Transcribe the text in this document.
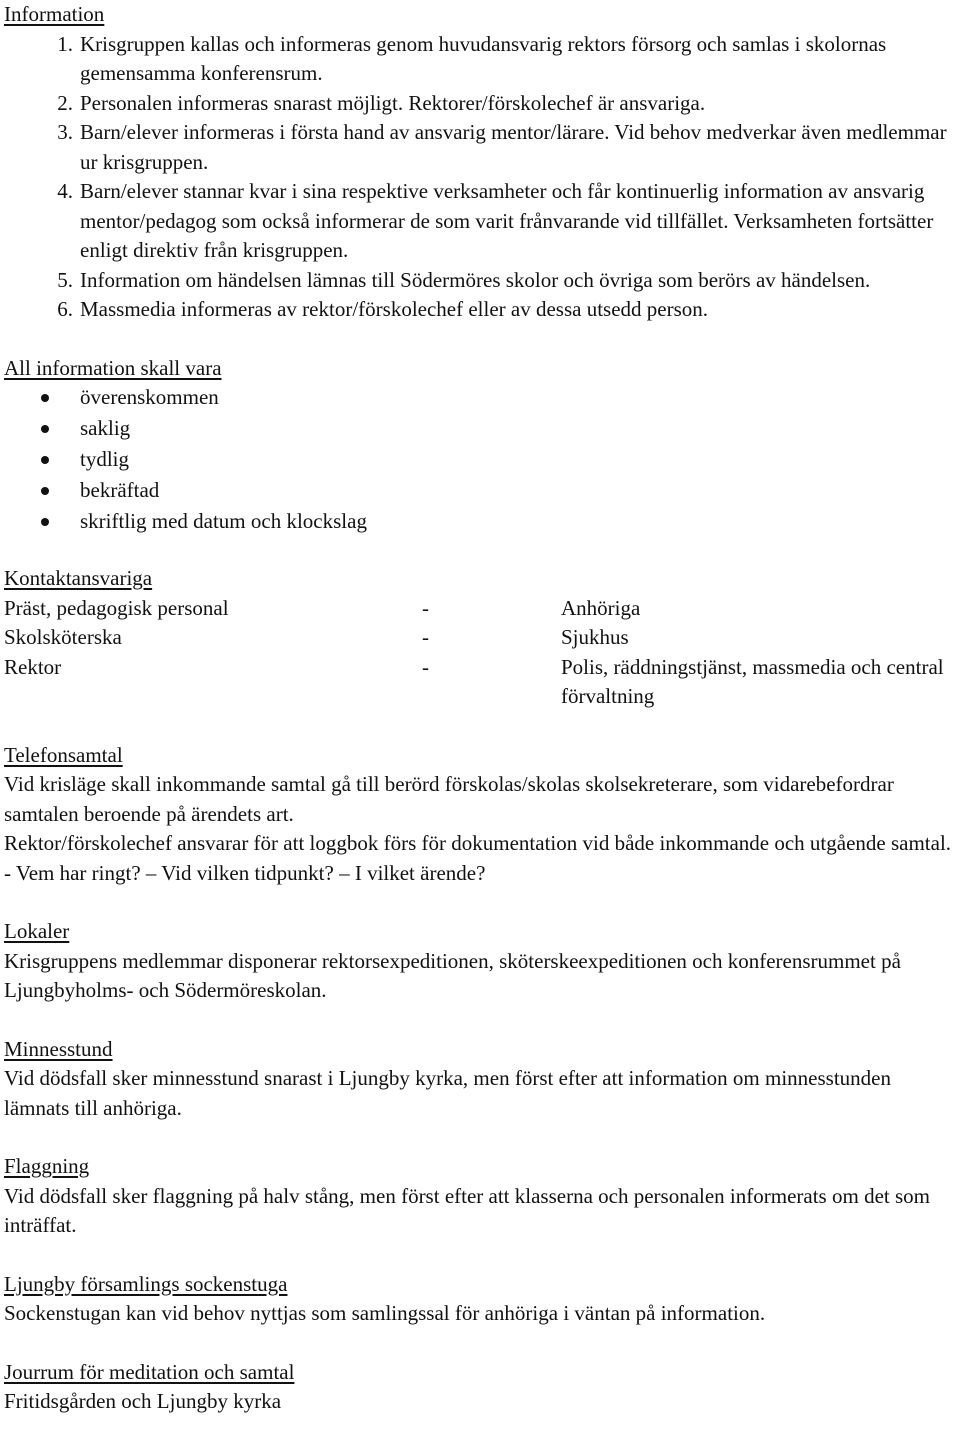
Information
1. Krisgruppen kallas och informeras genom huvudansvarig rektors försorg och samlas i skolornas gemensamma konferensrum.
2. Personalen informeras snarast möjligt. Rektorer/förskolechef är ansvariga.
3. Barn/elever informeras i första hand av ansvarig mentor/lärare. Vid behov medverkar även medlemmar ur krisgruppen.
4. Barn/elever stannar kvar i sina respektive verksamheter och får kontinuerlig information av ansvarig mentor/pedagog som också informerar de som varit frånvarande vid tillfället. Verksamheten fortsätter enligt direktiv från krisgruppen.
5. Information om händelsen lämnas till Södermöres skolor och övriga som berörs av händelsen.
6. Massmedia informeras av rektor/förskolechef eller av dessa utsedd person.
All information skall vara
överenskommen
saklig
tydlig
bekräftad
skriftlig med datum och klockslag
Kontaktansvariga
Präst, pedagogisk personal	-	Anhöriga
Skolsköterska	-	Sjukhus
Rektor	-	Polis, räddningstjänst, massmedia och central förvaltning
Telefonsamtal

Vid krisläge skall inkommande samtal gå till berörd förskolas/skolas skolsekreterare, som vidarebefordrar samtalen beroende på ärendets art.

Rektor/förskolechef ansvarar för att loggbok förs för dokumentation vid både inkommande och utgående samtal. - Vem har ringt? – Vid vilken tidpunkt? – I vilket ärende?

Lokaler

Krisgruppens medlemmar disponerar rektorsexpeditionen, sköterskeexpeditionen och konferensrummet på Ljungbyholms- och Södermöreskolan.

Minnesstund

Vid dödsfall sker minnesstund snarast i Ljungby kyrka, men först efter att information om minnesstunden lämnats till anhöriga.

Flaggning

Vid dödsfall sker flaggning på halv stång, men först efter att klasserna och personalen informerats om det som inträffat.

Ljungby församlings sockenstuga

Sockenstugan kan vid behov nyttjas som samlingssal för anhöriga i väntan på information.

Jourrum för meditation och samtal

Fritidsgården och Ljungby kyrka
